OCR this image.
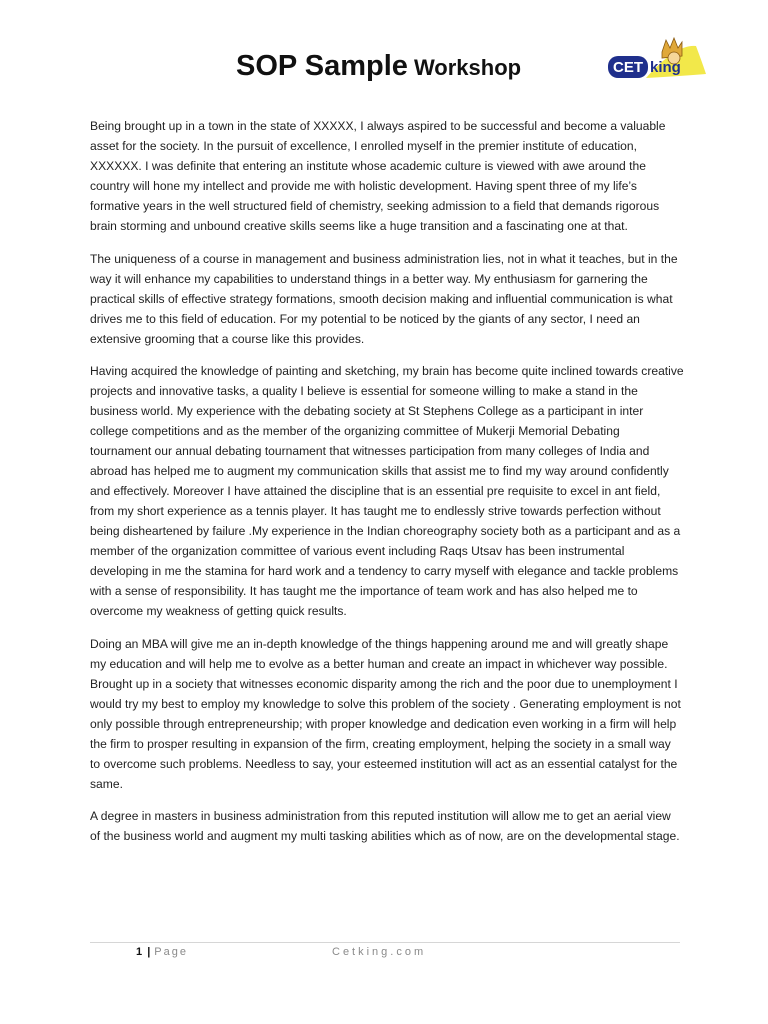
SOP Sample Workshop	CET king

Being brought up in a town in the state of XXXXX, I always aspired to be successful and become a valuable asset for the society. In the pursuit of excellence, I enrolled myself in the premier institute of education, XXXXXX. I was definite that entering an institute whose academic culture is viewed with awe around the country will hone my intellect and provide me with holistic development. Having spent three of my life’s formative years in the well structured field of chemistry, seeking admission to a field that demands rigorous brain storming and unbound creative skills seems like a huge transition and a fascinating one at that.

The uniqueness of a course in management and business administration lies, not in what it teaches, but in the way it will enhance my capabilities to understand things in a better way. My enthusiasm for garnering the practical skills of effective strategy formations, smooth decision making and influential communication is what drives me to this field of education. For my potential to be noticed by the giants of any sector, I need an extensive grooming that a course like this provides.

Having acquired the knowledge of painting and sketching, my brain has become quite inclined towards creative projects and innovative tasks, a quality I believe is essential for someone willing to make a stand in the business world. My experience with the debating society at St Stephens College as a participant in inter college competitions and as the member of the organizing committee of Mukerji Memorial Debating tournament our annual debating tournament that witnesses participation from many colleges of India and abroad has helped me to augment my communication skills that assist me to find my way around confidently and effectively. Moreover I have attained the discipline that is an essential pre requisite to excel in ant field, from my short experience as a tennis player. It has taught me to endlessly strive towards perfection without being disheartened by failure .My experience in the Indian choreography society both as a participant and as a member of the organization committee of various event including Raqs Utsav has been instrumental developing in me the stamina for hard work and a tendency to carry myself with elegance and tackle problems with a sense of responsibility. It has taught me the importance of team work and has also helped me to overcome my weakness of getting quick results.

Doing an MBA will give me an in-depth knowledge of the things happening around me and will greatly shape my education and will help me to evolve as a better human and create an impact in whichever way possible. Brought up in a society that witnesses economic disparity among the rich and the poor due to unemployment I would try my best to employ my knowledge to solve this problem of the society . Generating employment is not only possible through entrepreneurship; with proper knowledge and dedication even working in a firm will help the firm to prosper resulting in expansion of the firm, creating employment, helping the society in a small way to overcome such problems. Needless to say, your esteemed institution will act as an essential catalyst for the same.

A degree in masters in business administration from this reputed institution will allow me to get an aerial view of the business world and augment my multi tasking abilities which as of now, are on the developmental stage.

1 | Page	Cetking.com
